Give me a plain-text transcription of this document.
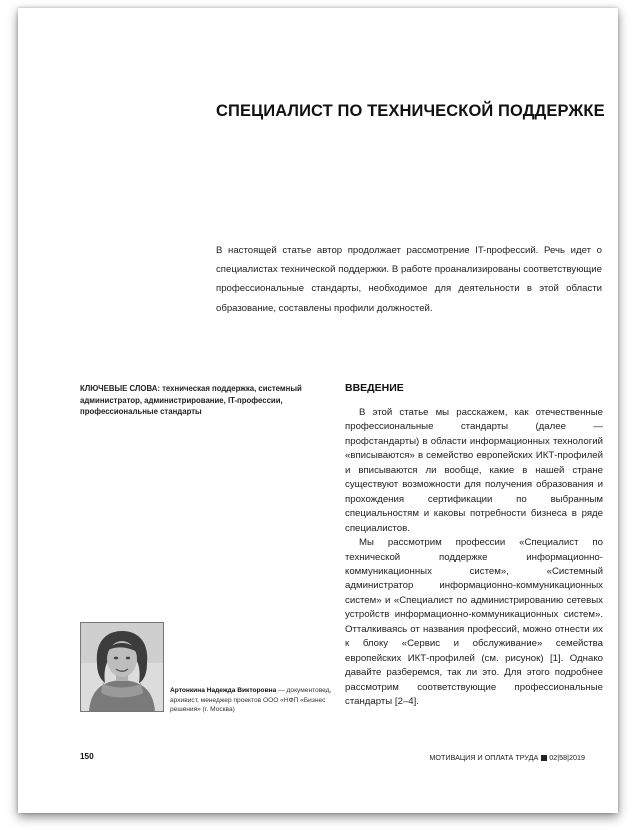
СПЕЦИАЛИСТ ПО ТЕХНИЧЕСКОЙ ПОДДЕРЖКЕ
В настоящей статье автор продолжает рассмотрение IT-профессий. Речь идет о специалистах технической поддержки. В работе проанализированы соответствующие профессиональные стандарты, необходимое для деятельности в этой области образование, составлены профили должностей.
КЛЮЧЕВЫЕ СЛОВА: техническая поддержка, системный администратор, администрирование, IT-профессии, профессиональные стандарты
ВВЕДЕНИЕ

В этой статье мы расскажем, как отечественные профессиональные стандарты (далее — профстандарты) в области информационных технологий «вписываются» в семейство европейских ИКТ-профилей и вписываются ли вообще, какие в нашей стране существуют возможности для получения образования и прохождения сертификации по выбранным специальностям и каковы потребности бизнеса в ряде специалистов.

Мы рассмотрим профессии «Специалист по технической поддержке информационно-коммуникационных систем», «Системный администратор информационно-коммуникационных систем» и «Специалист по администрированию сетевых устройств информационно-коммуникационных систем». Отталкиваясь от названия профессий, можно отнести их к блоку «Сервис и обслуживание» семейства европейских ИКТ-профилей (см. рисунок) [1]. Однако давайте разберемся, так ли это. Для этого подробнее рассмотрим соответствующие профессиональные стандарты [2–4].

Артонкина Надежда Викторовна — документовед, архивист, менеджер проектов ООО «НФП «Бизнес решения» (г. Москва)
150	МОТИВАЦИЯ И ОПЛАТА ТРУДА 02|58|2019
